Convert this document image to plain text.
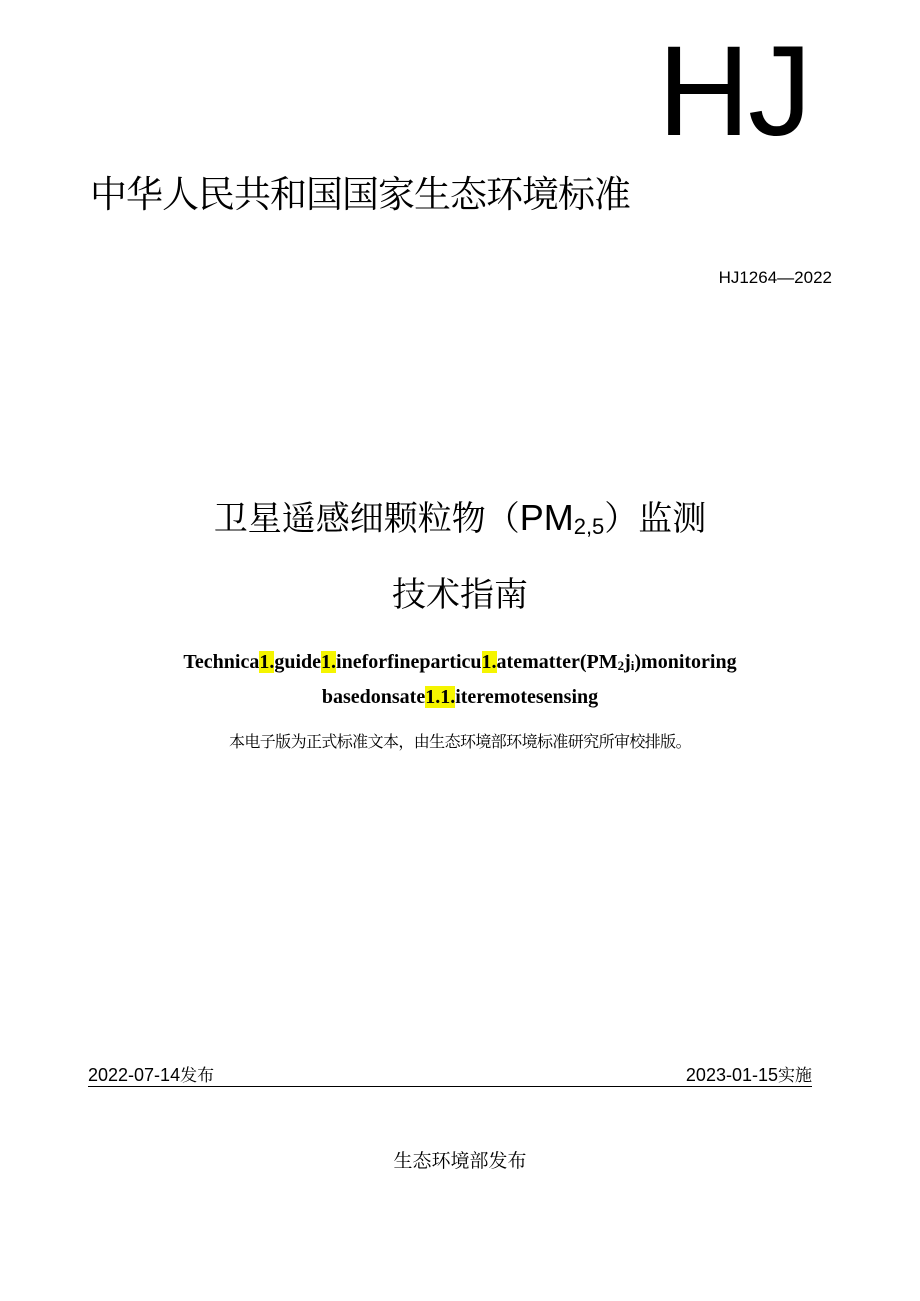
HJ
中华人民共和国国家生态环境标准
HJ1264—2022
卫星遥感细颗粒物（PM2,5）监测
技术指南
Technica1.guide1.ineforfineparticu1.atematter(PM2ji)monitoring
basedonsate1.1.iteremotesensing
本电子版为正式标准文本，由生态环境部环境标准研究所审校排版。
2022-07-14发布	2023-01-15实施
生态环境部发布
